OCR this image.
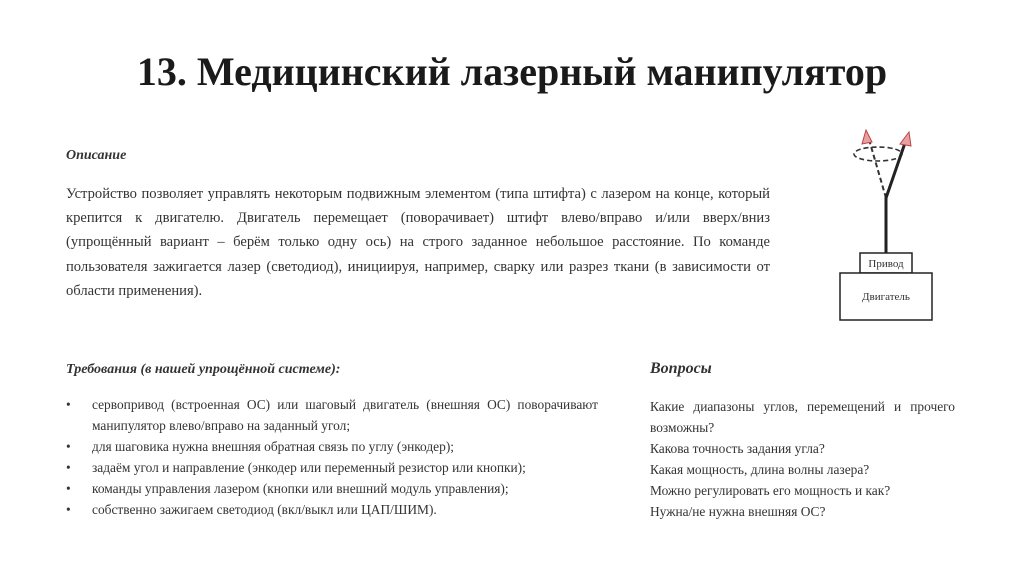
13. Медицинский лазерный манипулятор
Описание
Устройство позволяет управлять некоторым подвижным элементом (типа штифта) с лазером на конце, который крепится к двигателю. Двигатель перемещает (поворачивает) штифт влево/вправо и/или вверх/вниз (упрощённый вариант – берём только одну ось) на строго заданное небольшое расстояние. По команде пользователя зажигается лазер (светодиод), инициируя, например, сварку или разрез ткани (в зависимости от области применения).
Требования (в нашей упрощённой системе):
• сервопривод (встроенная ОС) или шаговый двигатель (внешняя ОС) поворачивают манипулятор влево/вправо на заданный угол;
• для шаговика нужна внешняя обратная связь по углу (энкодер);
• задаём угол и направление (энкодер или переменный резистор или кнопки);
• команды управления лазером (кнопки или внешний модуль управления);
• собственно зажигаем светодиод (вкл/выкл или ЦАП/ШИМ).
Вопросы
Какие диапазоны углов, перемещений и прочего возможны?
Какова точность задания угла?
Какая мощность, длина волны лазера?
Можно регулировать его мощность и как?
Нужна/не нужна внешняя ОС?
Привод
Двигатель
